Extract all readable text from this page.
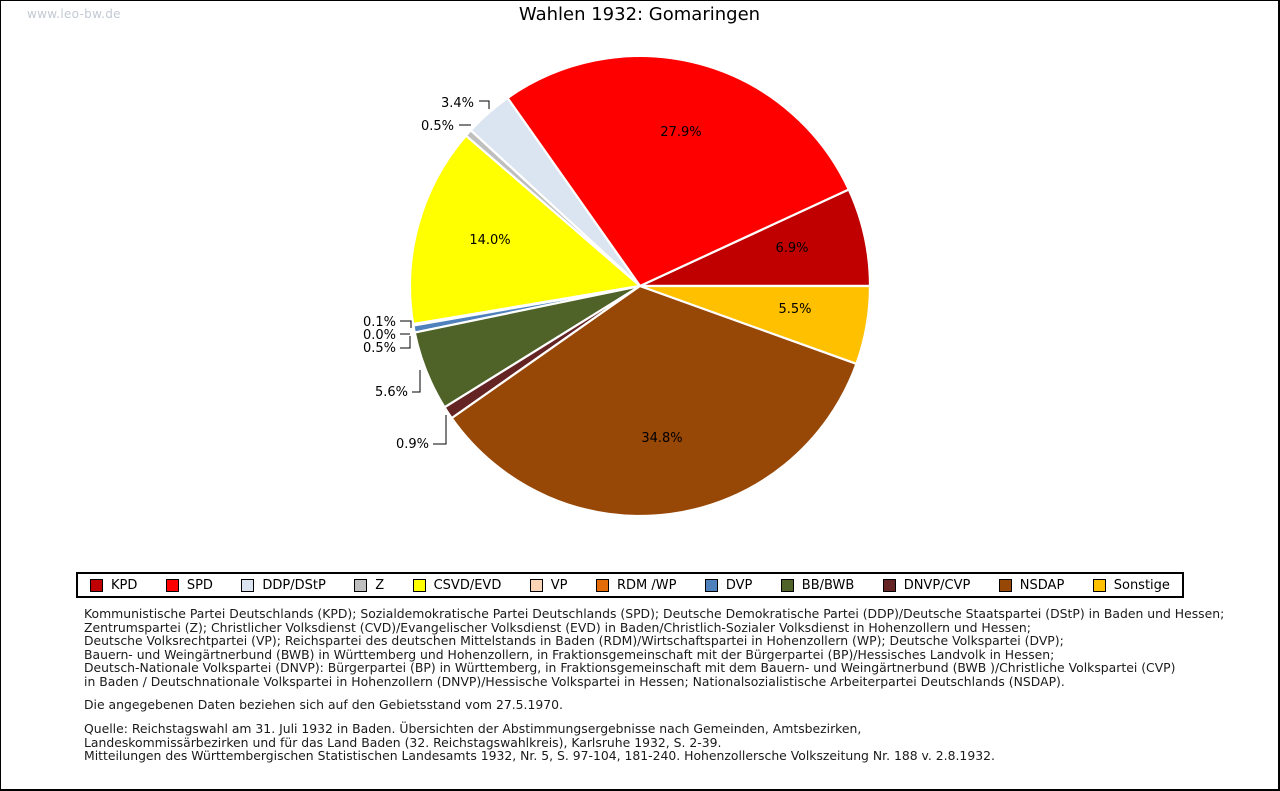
www.leo-bw.de	Wahlen 1932: Gomaringen
6.9%
27.9%
3.4%
0.5%
14.0%
0.1%
0.0%
0.5%
5.6%
0.9%	34.8%
5.5%
KPD	SPD	DDP/DStP	Z	CSVD/EVD	VP	RDM /WP	DVP	BB/BWB	DNVP/CVP	NSDAP	Sonstige
Kommunistische Partei Deutschlands (KPD); Sozialdemokratische Partei Deutschlands (SPD); Deutsche Demokratische Partei (DDP)/Deutsche Staatspartei (DStP) in Baden und Hessen;
Zentrumspartei (Z); Christlicher Volksdienst (CVD)/Evangelischer Volksdienst (EVD) in Baden/Christlich-Sozialer Volksdienst in Hohenzollern und Hessen;
Deutsche Volksrechtpartei (VP); Reichspartei des deutschen Mittelstands in Baden (RDM)/Wirtschaftspartei in Hohenzollern (WP); Deutsche Volkspartei (DVP);
Bauern- und Weingärtnerbund (BWB) in Württemberg und Hohenzollern, in Fraktionsgemeinschaft mit der Bürgerpartei (BP)/Hessisches Landvolk in Hessen;
Deutsch-Nationale Volkspartei (DNVP): Bürgerpartei (BP) in Württemberg, in Fraktionsgemeinschaft mit dem Bauern- und Weingärtnerbund (BWB )/Christliche Volkspartei (CVP)
in Baden / Deutschnationale Volkspartei in Hohenzollern (DNVP)/Hessische Volkspartei in Hessen; Nationalsozialistische Arbeiterpartei Deutschlands (NSDAP).
Die angegebenen Daten beziehen sich auf den Gebietsstand vom 27.5.1970.
Quelle: Reichstagswahl am 31. Juli 1932 in Baden. Übersichten der Abstimmungsergebnisse nach Gemeinden, Amtsbezirken,
Landeskommissärbezirken und für das Land Baden (32. Reichstagswahlkreis), Karlsruhe 1932, S. 2-39.
Mitteilungen des Württembergischen Statistischen Landesamts 1932, Nr. 5, S. 97-104, 181-240. Hohenzollersche Volkszeitung Nr. 188 v. 2.8.1932.
